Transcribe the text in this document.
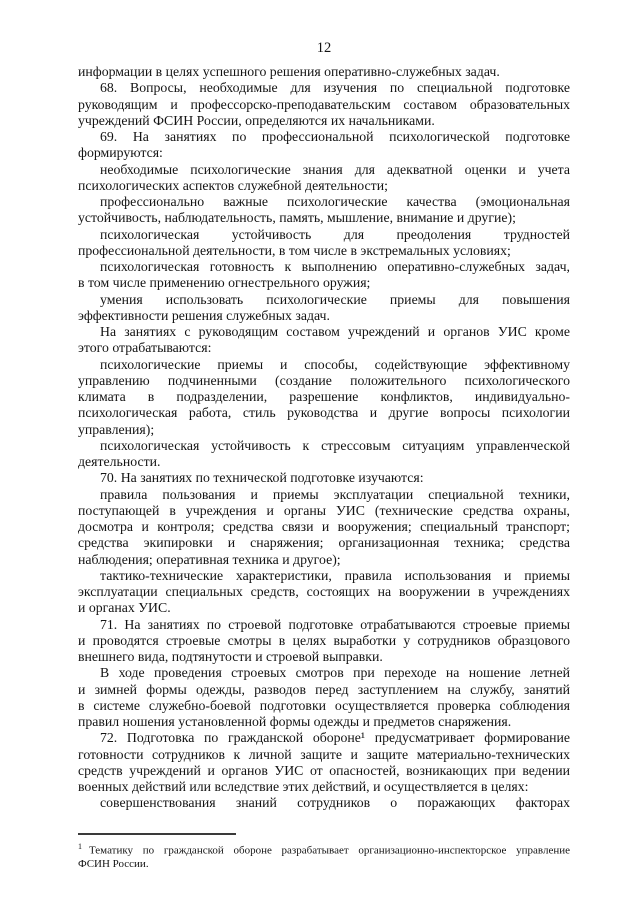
12
информации в целях успешного решения оперативно-служебных задач.
68. Вопросы, необходимые для изучения по специальной подготовке
руководящим и профессорско-преподавательским составом образовательных
учреждений ФСИН России, определяются их начальниками.
69. На занятиях по профессиональной психологической подготовке
формируются:
необходимые психологические знания для адекватной оценки и учета
психологических аспектов служебной деятельности;
профессионально важные психологические качества (эмоциональная
устойчивость, наблюдательность, память, мышление, внимание и другие);
психологическая устойчивость для преодоления трудностей
профессиональной деятельности, в том числе в экстремальных условиях;
психологическая готовность к выполнению оперативно-служебных задач,
в том числе применению огнестрельного оружия;
умения использовать психологические приемы для повышения
эффективности решения служебных задач.
На занятиях с руководящим составом учреждений и органов УИС кроме
этого отрабатываются:
психологические приемы и способы, содействующие эффективному
управлению подчиненными (создание положительного психологического
климата в подразделении, разрешение конфликтов, индивидуально-
психологическая работа, стиль руководства и другие вопросы психологии
управления);
психологическая устойчивость к стрессовым ситуациям управленческой
деятельности.
70. На занятиях по технической подготовке изучаются:
правила пользования и приемы эксплуатации специальной техники,
поступающей в учреждения и органы УИС (технические средства охраны,
досмотра и контроля; средства связи и вооружения; специальный транспорт;
средства экипировки и снаряжения; организационная техника; средства
наблюдения; оперативная техника и другое);
тактико-технические характеристики, правила использования и приемы
эксплуатации специальных средств, состоящих на вооружении в учреждениях
и органах УИС.
71. На занятиях по строевой подготовке отрабатываются строевые приемы
и проводятся строевые смотры в целях выработки у сотрудников образцового
внешнего вида, подтянутости и строевой выправки.
В ходе проведения строевых смотров при переходе на ношение летней
и зимней формы одежды, разводов перед заступлением на службу, занятий
в системе служебно-боевой подготовки осуществляется проверка соблюдения
правил ношения установленной формы одежды и предметов снаряжения.
72. Подготовка по гражданской обороне¹ предусматривает формирование
готовности сотрудников к личной защите и защите материально-технических
средств учреждений и органов УИС от опасностей, возникающих при ведении
военных действий или вследствие этих действий, и осуществляется в целях:
совершенствования знаний сотрудников о поражающих факторах
$^1$ Тематику по гражданской обороне разрабатывает организационно-инспекторское управление
ФСИН России.
